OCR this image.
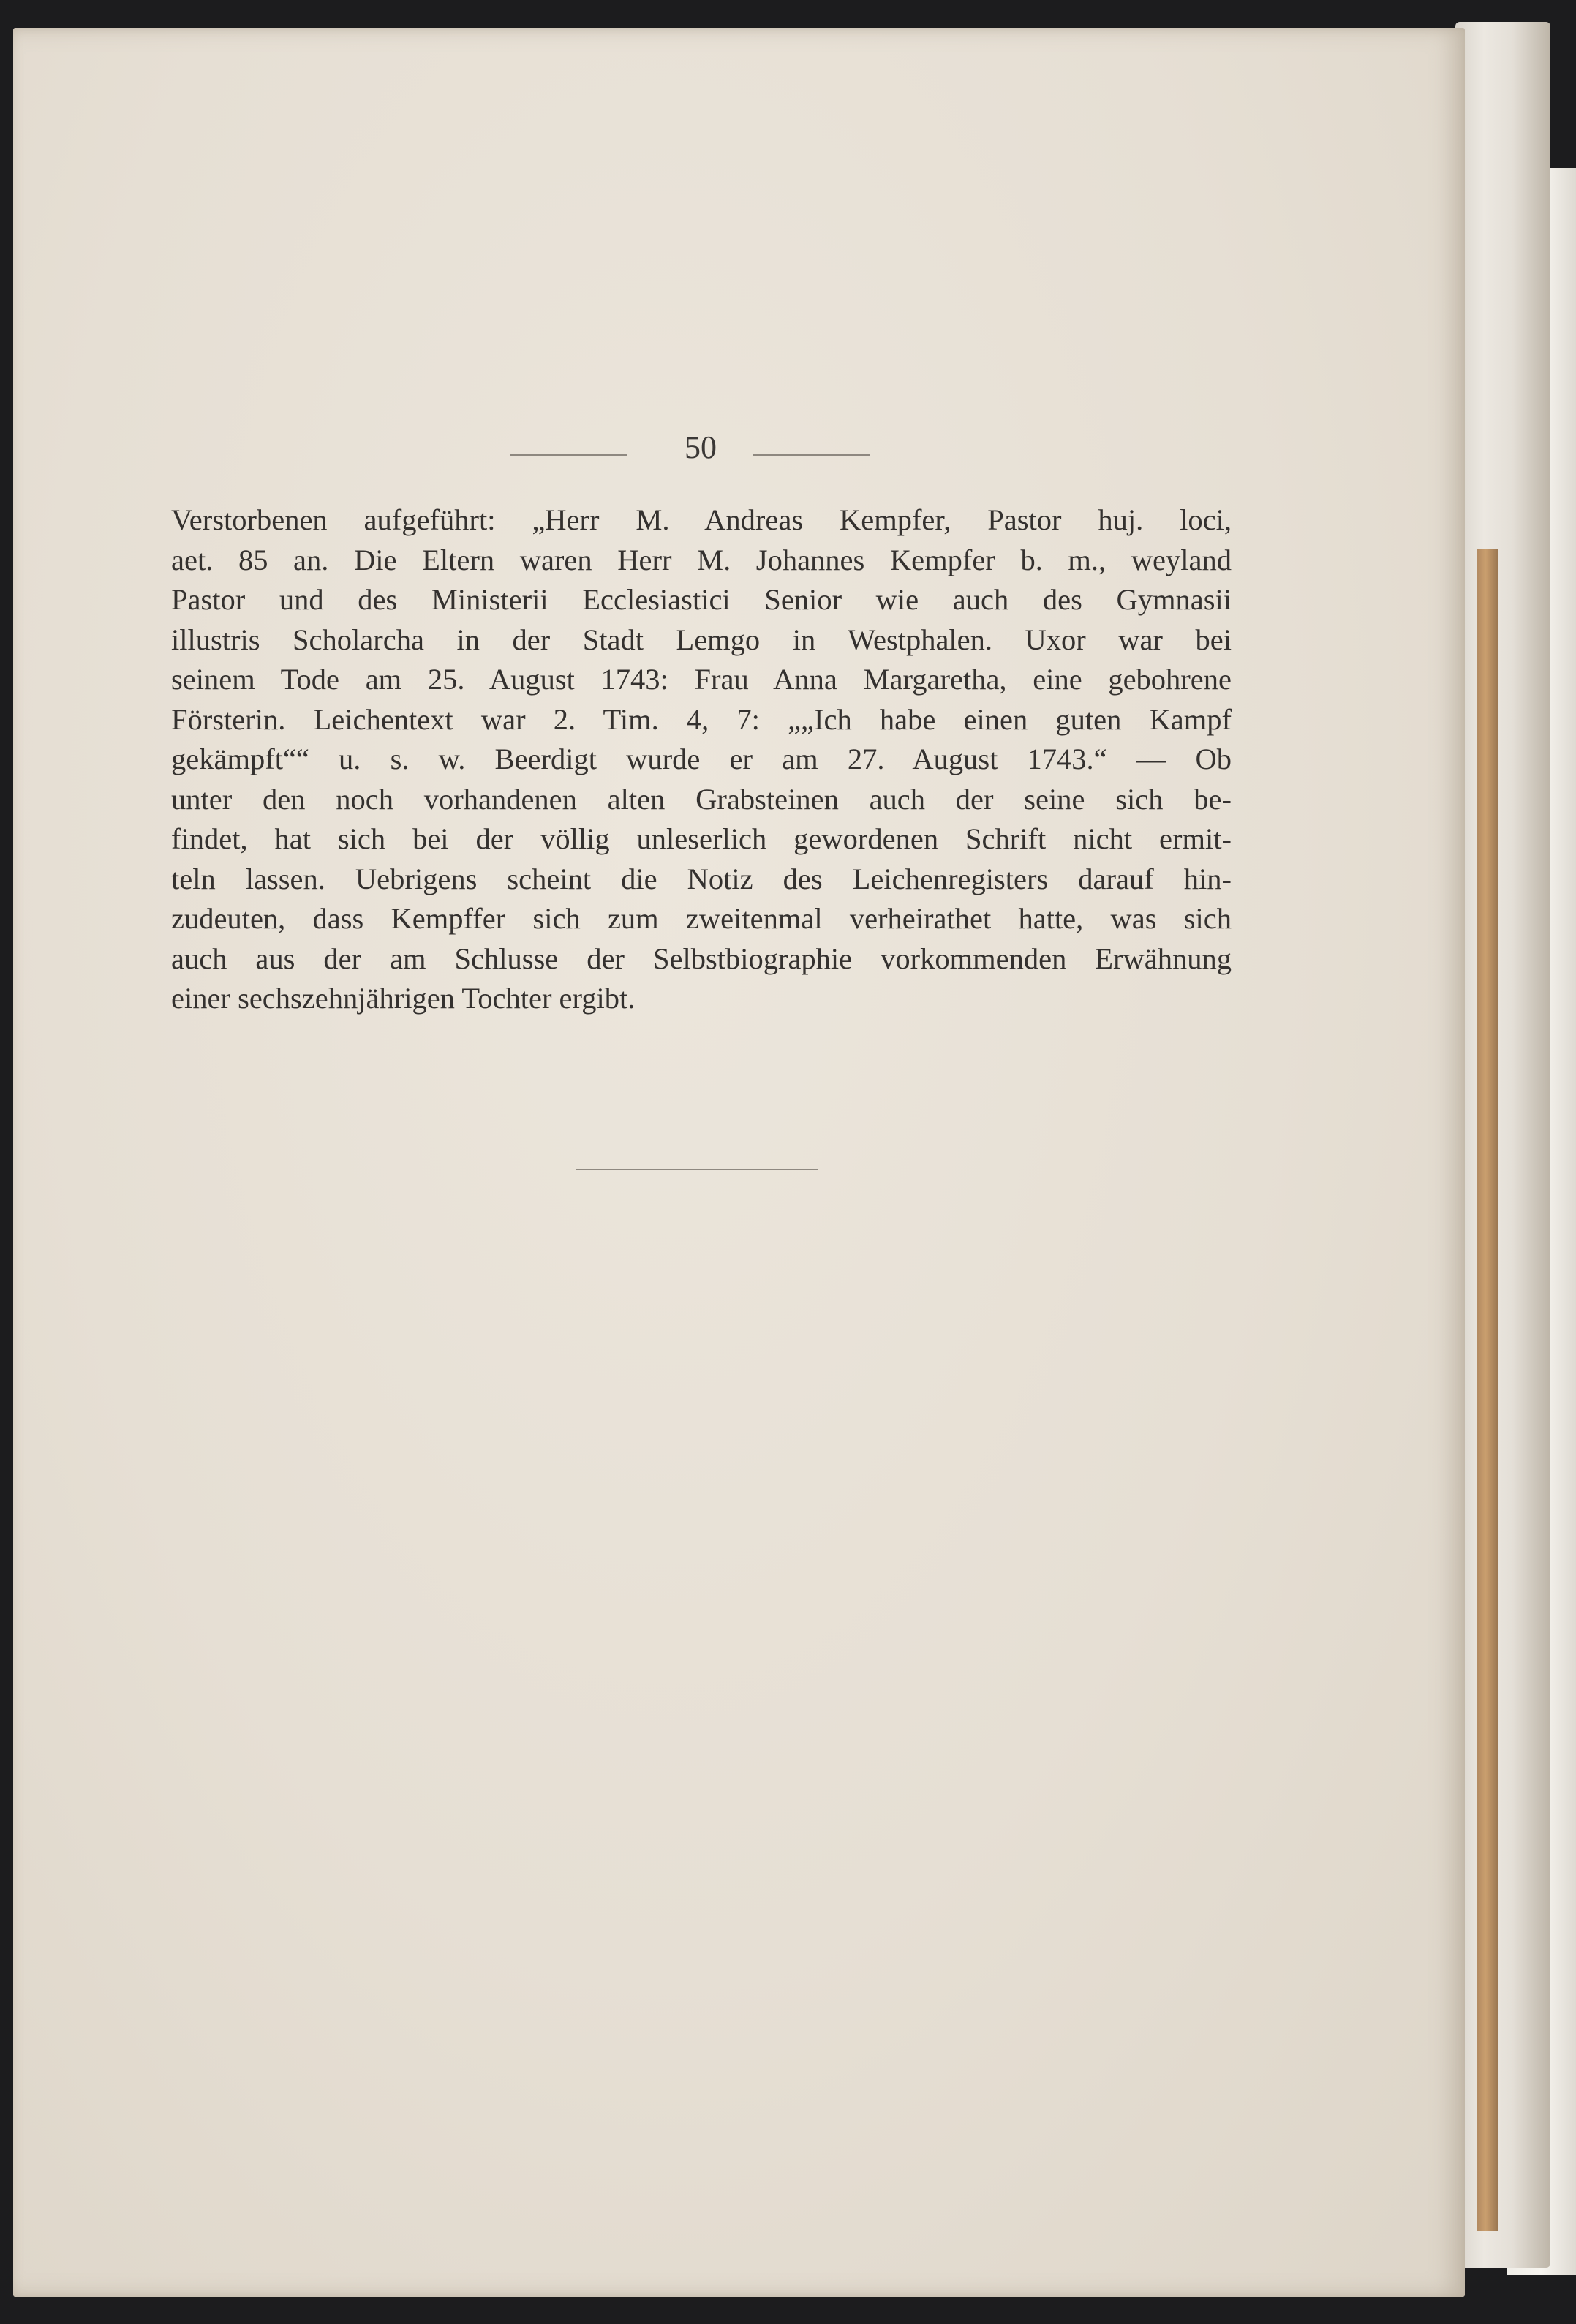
50
Verstorbenen aufgeführt: „Herr M. Andreas Kempfer, Pastor huj. loci,
aet. 85 an. Die Eltern waren Herr M. Johannes Kempfer b. m., weyland
Pastor und des Ministerii Ecclesiastici Senior wie auch des Gymnasii
illustris Scholarcha in der Stadt Lemgo in Westphalen. Uxor war bei
seinem Tode am 25. August 1743: Frau Anna Margaretha, eine gebohrene
Försterin. Leichentext war 2. Tim. 4, 7: „„Ich habe einen guten Kampf
gekämpft““ u. s. w. Beerdigt wurde er am 27. August 1743.“ — Ob
unter den noch vorhandenen alten Grabsteinen auch der seine sich be-
findet, hat sich bei der völlig unleserlich gewordenen Schrift nicht ermit-
teln lassen. Uebrigens scheint die Notiz des Leichenregisters darauf hin-
zudeuten, dass Kempffer sich zum zweitenmal verheirathet hatte, was sich
auch aus der am Schlusse der Selbstbiographie vorkommenden Erwähnung
einer sechszehnjährigen Tochter ergibt.
